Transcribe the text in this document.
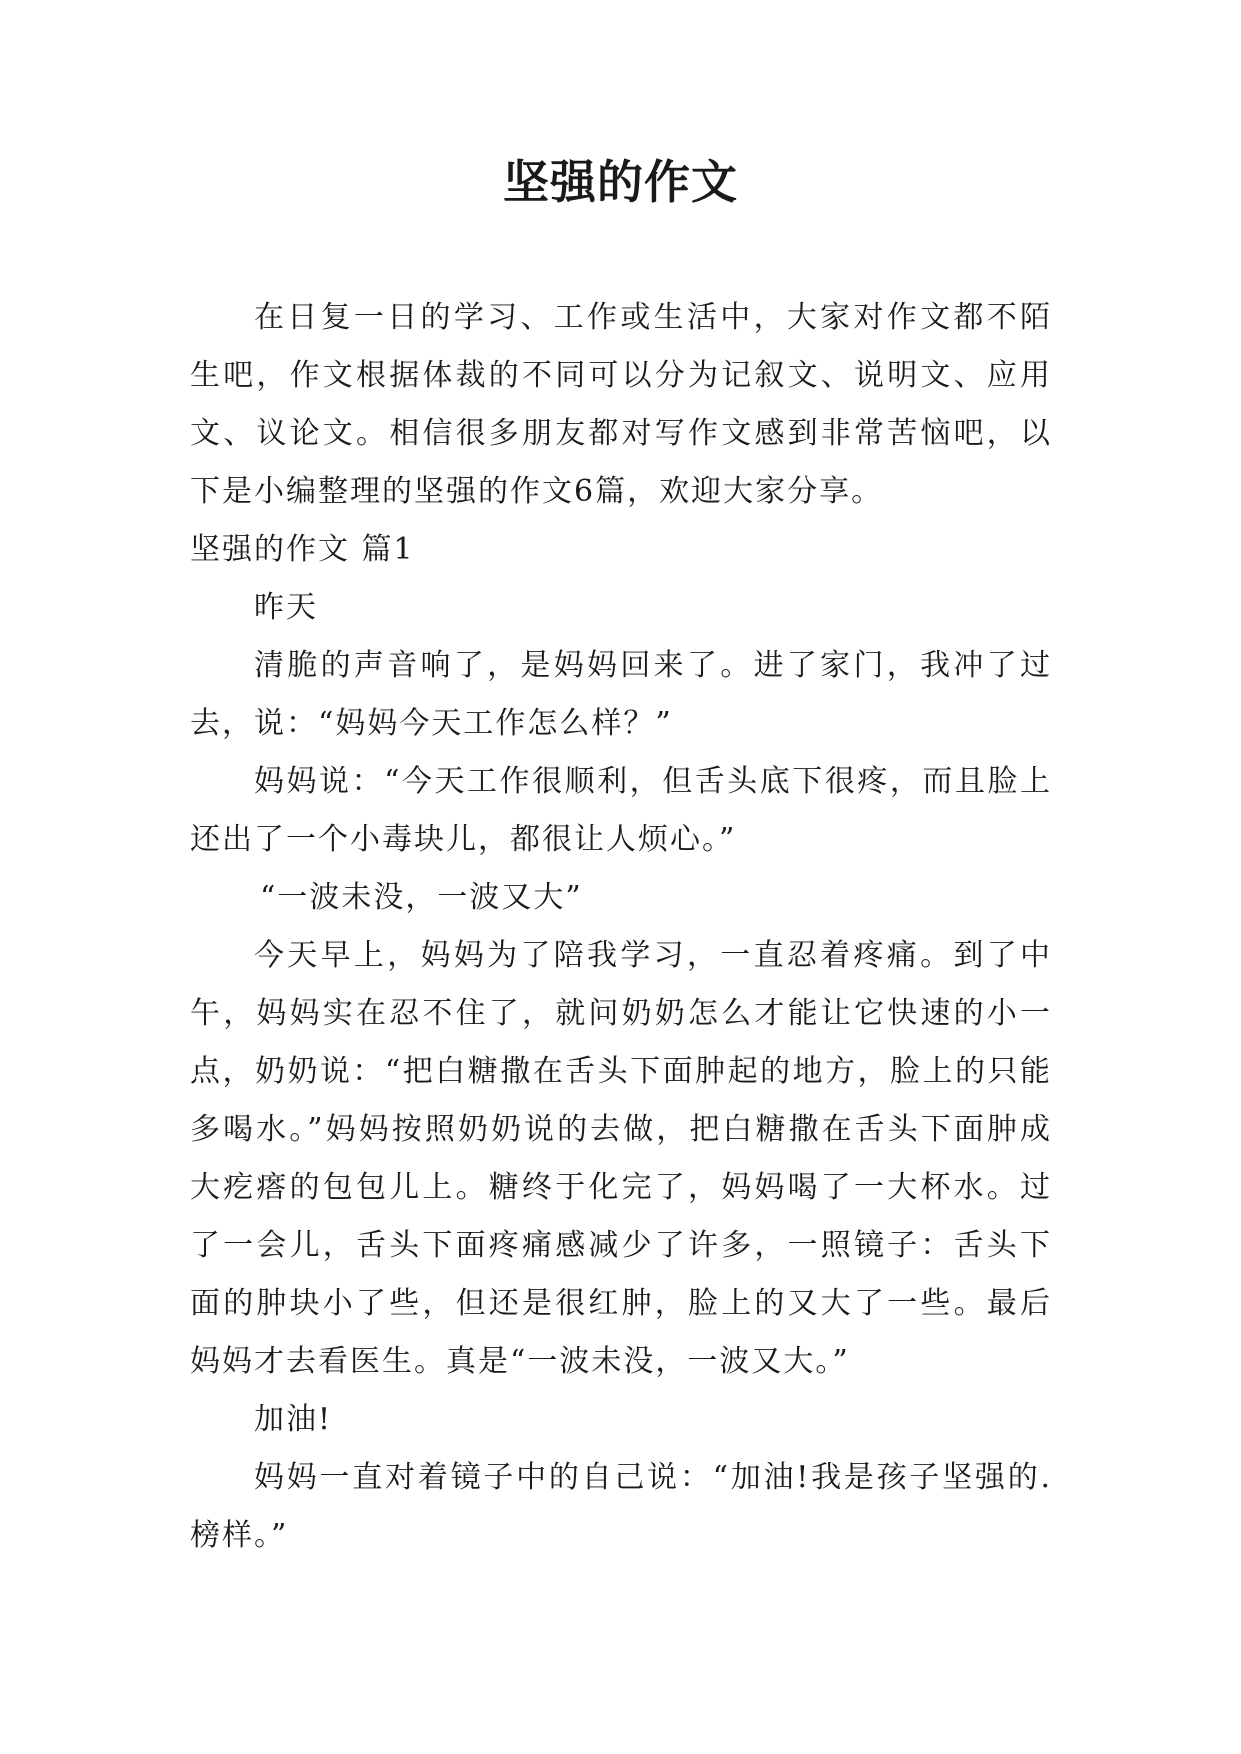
坚强的作文

在日复一日的学习、工作或生活中，大家对作文都不陌生吧，作文根据体裁的不同可以分为记叙文、说明文、应用文、议论文。相信很多朋友都对写作文感到非常苦恼吧，以下是小编整理的坚强的作文6篇，欢迎大家分享。

坚强的作文 篇1

昨天

清脆的声音响了，是妈妈回来了。进了家门，我冲了过去，说：“妈妈今天工作怎么样？”

妈妈说：“今天工作很顺利，但舌头底下很疼，而且脸上还出了一个小毒块儿，都很让人烦心。”

“一波未没，一波又大”

今天早上，妈妈为了陪我学习，一直忍着疼痛。到了中午，妈妈实在忍不住了，就问奶奶怎么才能让它快速的小一点，奶奶说：“把白糖撒在舌头下面肿起的地方，脸上的只能多喝水。”妈妈按照奶奶说的去做，把白糖撒在舌头下面肿成大疙瘩的包包儿上。糖终于化完了，妈妈喝了一大杯水。过了一会儿，舌头下面疼痛感减少了许多，一照镜子：舌头下面的肿块小了些，但还是很红肿，脸上的又大了一些。最后妈妈才去看医生。真是“一波未没，一波又大。”

加油!

妈妈一直对着镜子中的自己说：“加油!我是孩子坚强的.榜样。”
